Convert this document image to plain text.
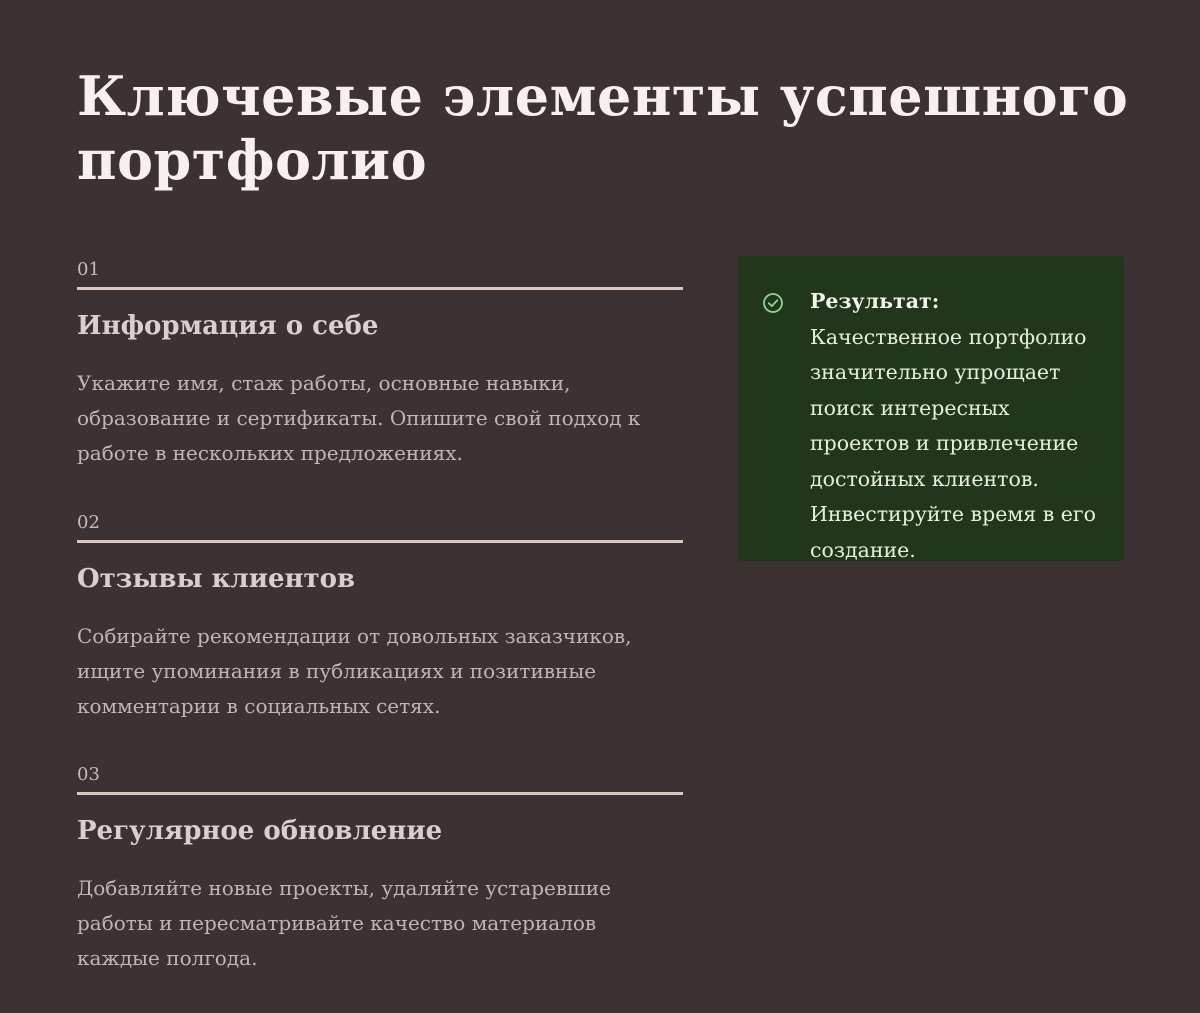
Ключевые элементы успешного портфолио
01
Информация о себе

Укажите имя, стаж работы, основные навыки, образование и сертификаты. Опишите свой подход к работе в нескольких предложениях.

02
Отзывы клиентов

Собирайте рекомендации от довольных заказчиков, ищите упоминания в публикациях и позитивные комментарии в социальных сетях.

03
Регулярное обновление

Добавляйте новые проекты, удаляйте устаревшие работы и пересматривайте качество материалов каждые полгода.

Результат: Качественное портфолио значительно упрощает поиск интересных проектов и привлечение достойных клиентов. Инвестируйте время в его создание.
